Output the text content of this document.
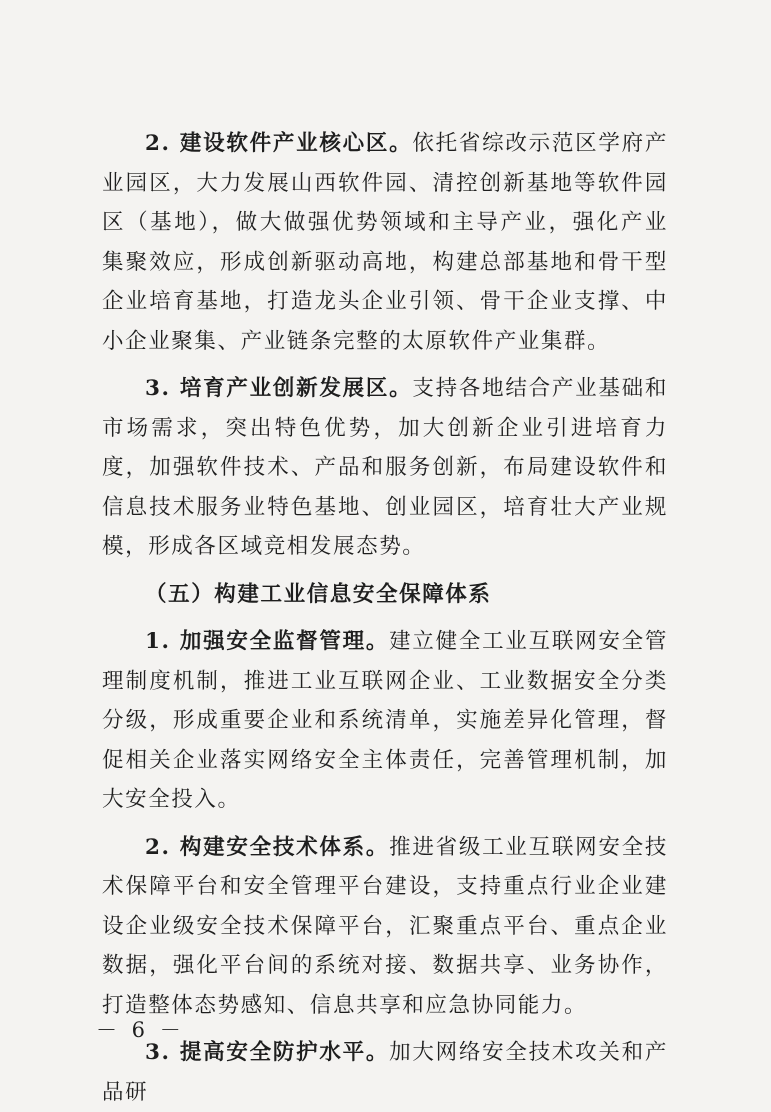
2. 建设软件产业核心区。依托省综改示范区学府产业园区，大力发展山西软件园、清控创新基地等软件园区（基地），做大做强优势领域和主导产业，强化产业集聚效应，形成创新驱动高地，构建总部基地和骨干型企业培育基地，打造龙头企业引领、骨干企业支撑、中小企业聚集、产业链条完整的太原软件产业集群。

3. 培育产业创新发展区。支持各地结合产业基础和市场需求，突出特色优势，加大创新企业引进培育力度，加强软件技术、产品和服务创新，布局建设软件和信息技术服务业特色基地、创业园区，培育壮大产业规模，形成各区域竞相发展态势。

（五）构建工业信息安全保障体系

1. 加强安全监督管理。建立健全工业互联网安全管理制度机制，推进工业互联网企业、工业数据安全分类分级，形成重要企业和系统清单，实施差异化管理，督促相关企业落实网络安全主体责任，完善管理机制，加大安全投入。

2. 构建安全技术体系。推进省级工业互联网安全技术保障平台和安全管理平台建设，支持重点行业企业建设企业级安全技术保障平台，汇聚重点平台、重点企业数据，强化平台间的系统对接、数据共享、业务协作，打造整体态势感知、信息共享和应急协同能力。

3. 提高安全防护水平。加大网络安全技术攻关和产品研

－ 6 －
